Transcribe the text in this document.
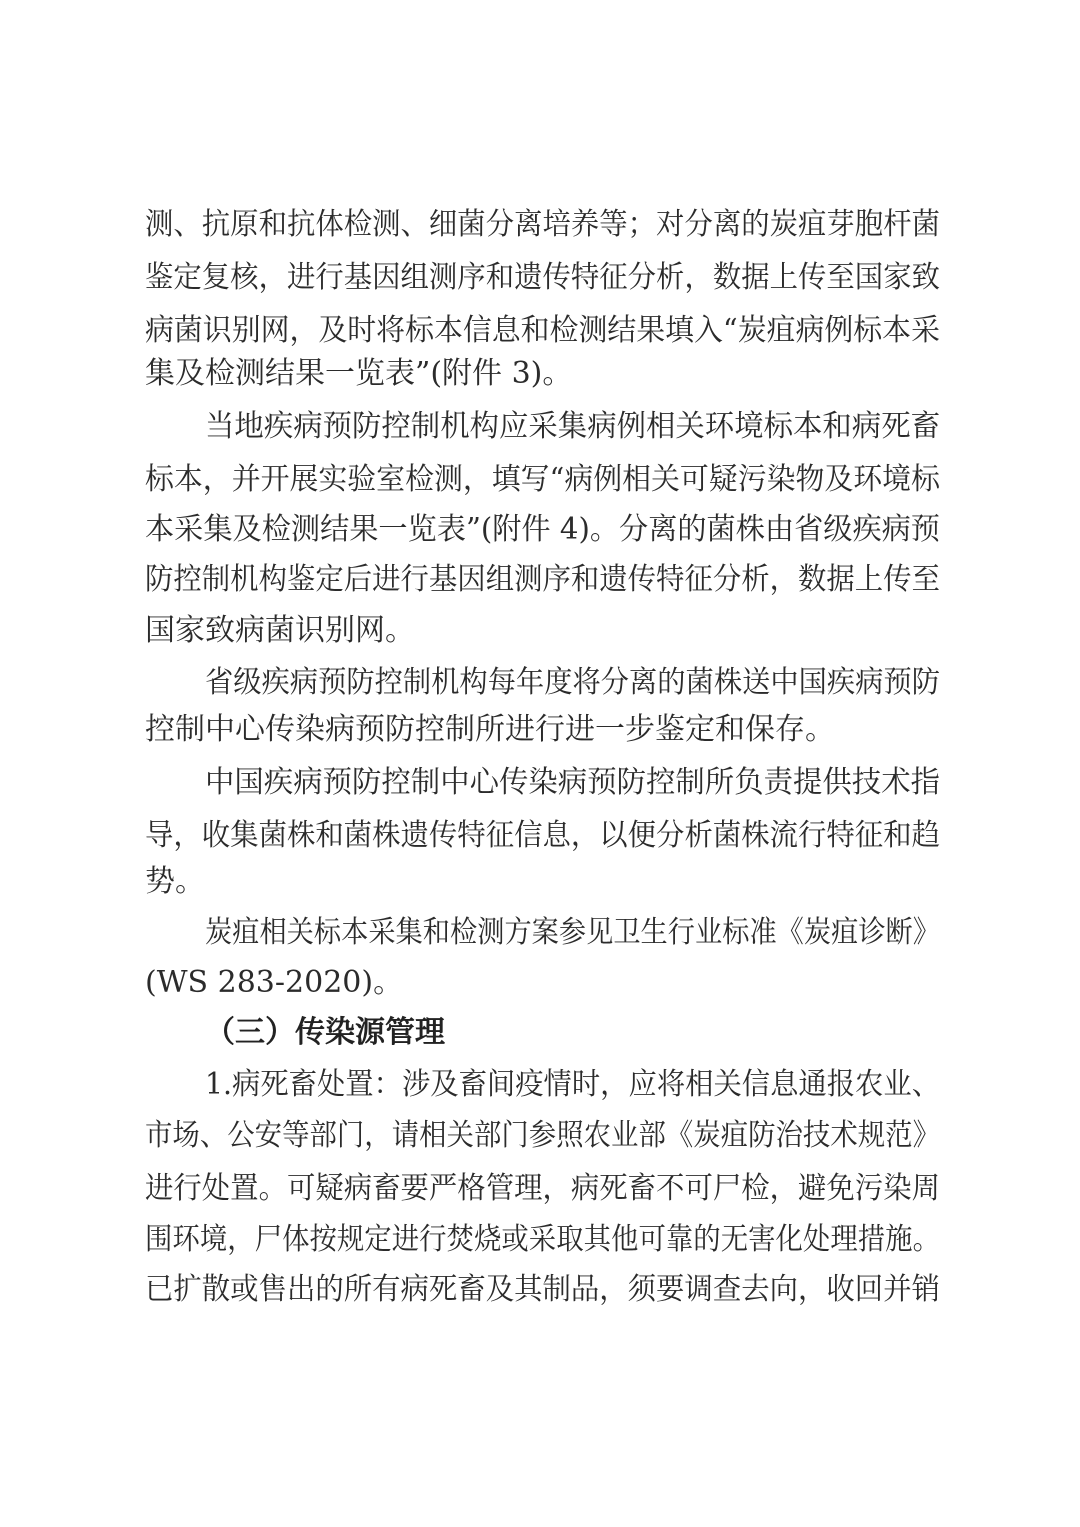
测、抗原和抗体检测、细菌分离培养等；对分离的炭疽芽胞杆菌
鉴定复核，进行基因组测序和遗传特征分析，数据上传至国家致
病菌识别网，及时将标本信息和检测结果填入“炭疽病例标本采
集及检测结果一览表”(附件 3)。
当地疾病预防控制机构应采集病例相关环境标本和病死畜
标本，并开展实验室检测，填写“病例相关可疑污染物及环境标
本采集及检测结果一览表”(附件 4)。分离的菌株由省级疾病预
防控制机构鉴定后进行基因组测序和遗传特征分析，数据上传至
国家致病菌识别网。
省级疾病预防控制机构每年度将分离的菌株送中国疾病预防
控制中心传染病预防控制所进行进一步鉴定和保存。
中国疾病预防控制中心传染病预防控制所负责提供技术指
导，收集菌株和菌株遗传特征信息，以便分析菌株流行特征和趋
势。
炭疽相关标本采集和检测方案参见卫生行业标准《炭疽诊断》
(WS 283-2020)。
（三）传染源管理
1.病死畜处置：涉及畜间疫情时，应将相关信息通报农业、
市场、公安等部门，请相关部门参照农业部《炭疽防治技术规范》
进行处置。可疑病畜要严格管理，病死畜不可尸检，避免污染周
围环境，尸体按规定进行焚烧或采取其他可靠的无害化处理措施。
已扩散或售出的所有病死畜及其制品，须要调查去向，收回并销
